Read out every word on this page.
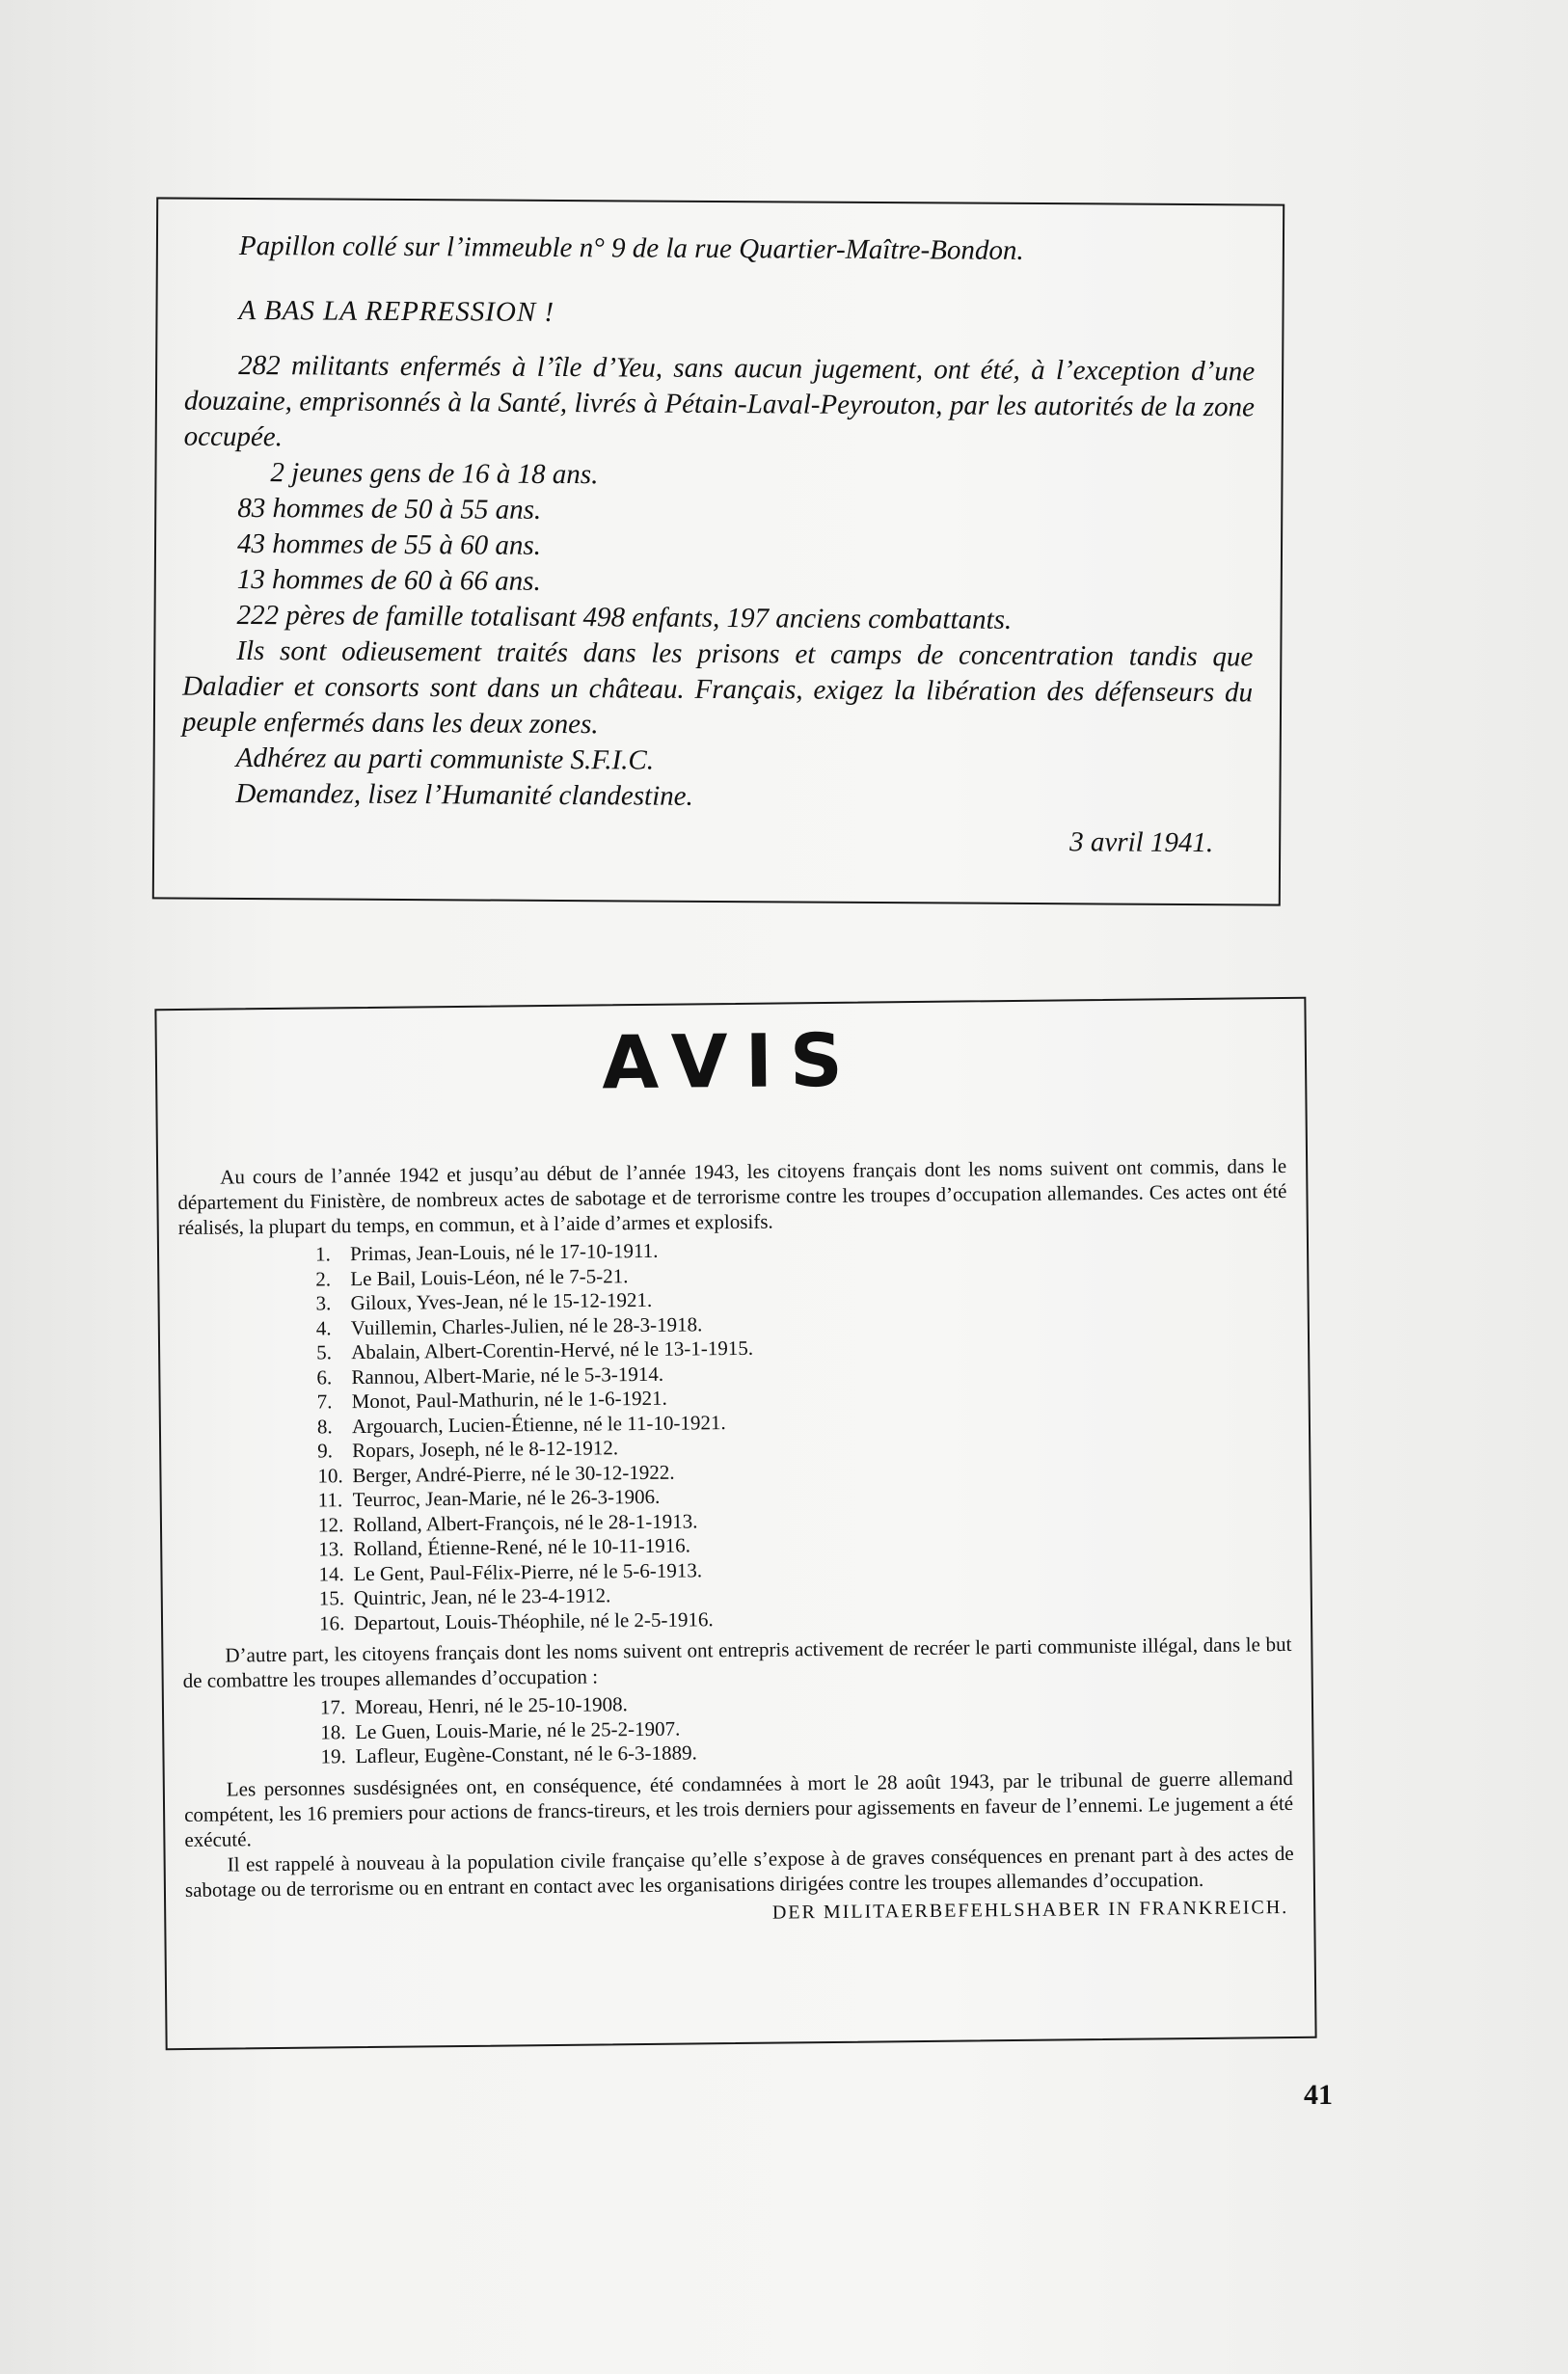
Papillon collé sur l’immeuble n° 9 de la rue Quartier-Maître-Bondon.
A BAS LA REPRESSION !
282 militants enfermés à l’île d’Yeu, sans aucun jugement, ont été, à l’exception d’une douzaine, emprisonnés à la Santé, livrés à Pétain-Laval-Peyrouton, par les autorités de la zone occupée.
2 jeunes gens de 16 à 18 ans.
83 hommes de 50 à 55 ans.
43 hommes de 55 à 60 ans.
13 hommes de 60 à 66 ans.
222 pères de famille totalisant 498 enfants, 197 anciens combattants.
Ils sont odieusement traités dans les prisons et camps de concentration tandis que Daladier et consorts sont dans un château. Français, exigez la libération des défenseurs du peuple enfermés dans les deux zones.
Adhérez au parti communiste S.F.I.C.
Demandez, lisez l’Humanité clandestine.
3 avril 1941.
AVIS
Au cours de l’année 1942 et jusqu’au début de l’année 1943, les citoyens français dont les noms suivent ont commis, dans le département du Finistère, de nombreux actes de sabotage et de terrorisme contre les troupes d’occupation allemandes. Ces actes ont été réalisés, la plupart du temps, en commun, et à l’aide d’armes et explosifs.
1. Primas, Jean-Louis, né le 17-10-1911.
2. Le Bail, Louis-Léon, né le 7-5-21.
3. Giloux, Yves-Jean, né le 15-12-1921.
4. Vuillemin, Charles-Julien, né le 28-3-1918.
5. Abalain, Albert-Corentin-Hervé, né le 13-1-1915.
6. Rannou, Albert-Marie, né le 5-3-1914.
7. Monot, Paul-Mathurin, né le 1-6-1921.
8. Argouarch, Lucien-Étienne, né le 11-10-1921.
9. Ropars, Joseph, né le 8-12-1912.
10. Berger, André-Pierre, né le 30-12-1922.
11. Teurroc, Jean-Marie, né le 26-3-1906.
12. Rolland, Albert-François, né le 28-1-1913.
13. Rolland, Étienne-René, né le 10-11-1916.
14. Le Gent, Paul-Félix-Pierre, né le 5-6-1913.
15. Quintric, Jean, né le 23-4-1912.
16. Departout, Louis-Théophile, né le 2-5-1916.
D’autre part, les citoyens français dont les noms suivent ont entrepris activement de recréer le parti communiste illégal, dans le but de combattre les troupes allemandes d’occupation :
17. Moreau, Henri, né le 25-10-1908.
18. Le Guen, Louis-Marie, né le 25-2-1907.
19. Lafleur, Eugène-Constant, né le 6-3-1889.
Les personnes susdésignées ont, en conséquence, été condamnées à mort le 28 août 1943, par le tribunal de guerre allemand compétent, les 16 premiers pour actions de francs-tireurs, et les trois derniers pour agissements en faveur de l’ennemi. Le jugement a été exécuté.
Il est rappelé à nouveau à la population civile française qu’elle s’expose à de graves conséquences en prenant part à des actes de sabotage ou de terrorisme ou en entrant en contact avec les organisations dirigées contre les troupes allemandes d’occupation.
DER MILITAERBEFEHLSHABER IN FRANKREICH.
41
